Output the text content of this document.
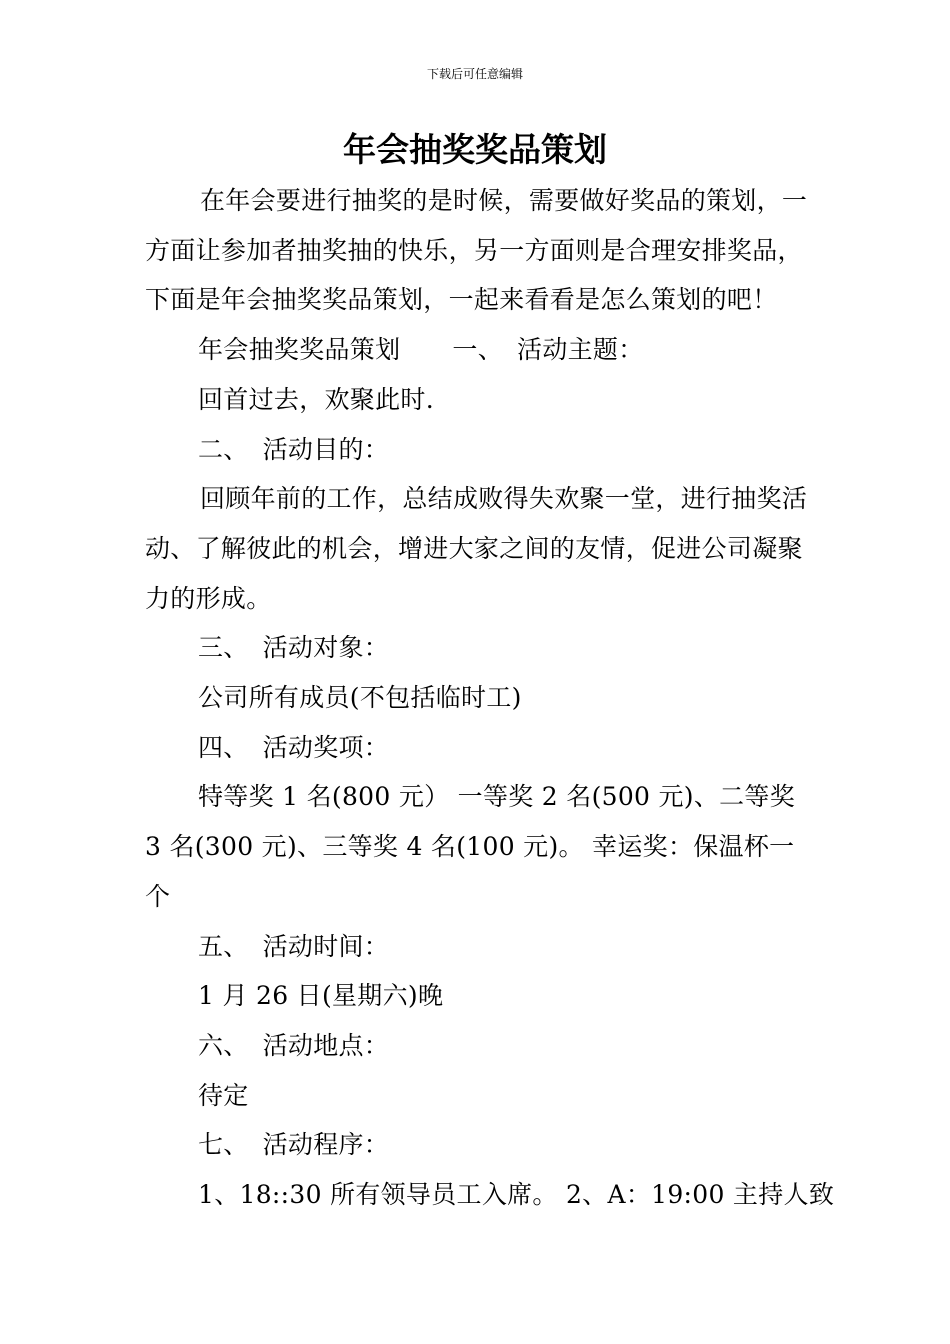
下载后可任意编辑
年会抽奖奖品策划

在年会要进行抽奖的是时候，需要做好奖品的策划，一方面让参加者抽奖抽的快乐，另一方面则是合理安排奖品，下面是年会抽奖奖品策划，一起来看看是怎么策划的吧！

年会抽奖奖品策划 一、 活动主题：

回首过去，欢聚此时.

二、 活动目的：

回顾年前的工作，总结成败得失欢聚一堂，进行抽奖活动、了解彼此的机会，增进大家之间的友情，促进公司凝聚力的形成。

三、 活动对象：

公司所有成员(不包括临时工)

四、 活动奖项：

特等奖 1 名(800 元） 一等奖 2 名(500 元)、二等奖 3 名(300 元)、三等奖 4 名(100 元)。 幸运奖：保温杯一个

五、 活动时间：

1 月 26 日(星期六)晚

六、 活动地点：

待定

七、 活动程序：

1、18::30 所有领导员工入席。 2、A：19:00 主持人致
